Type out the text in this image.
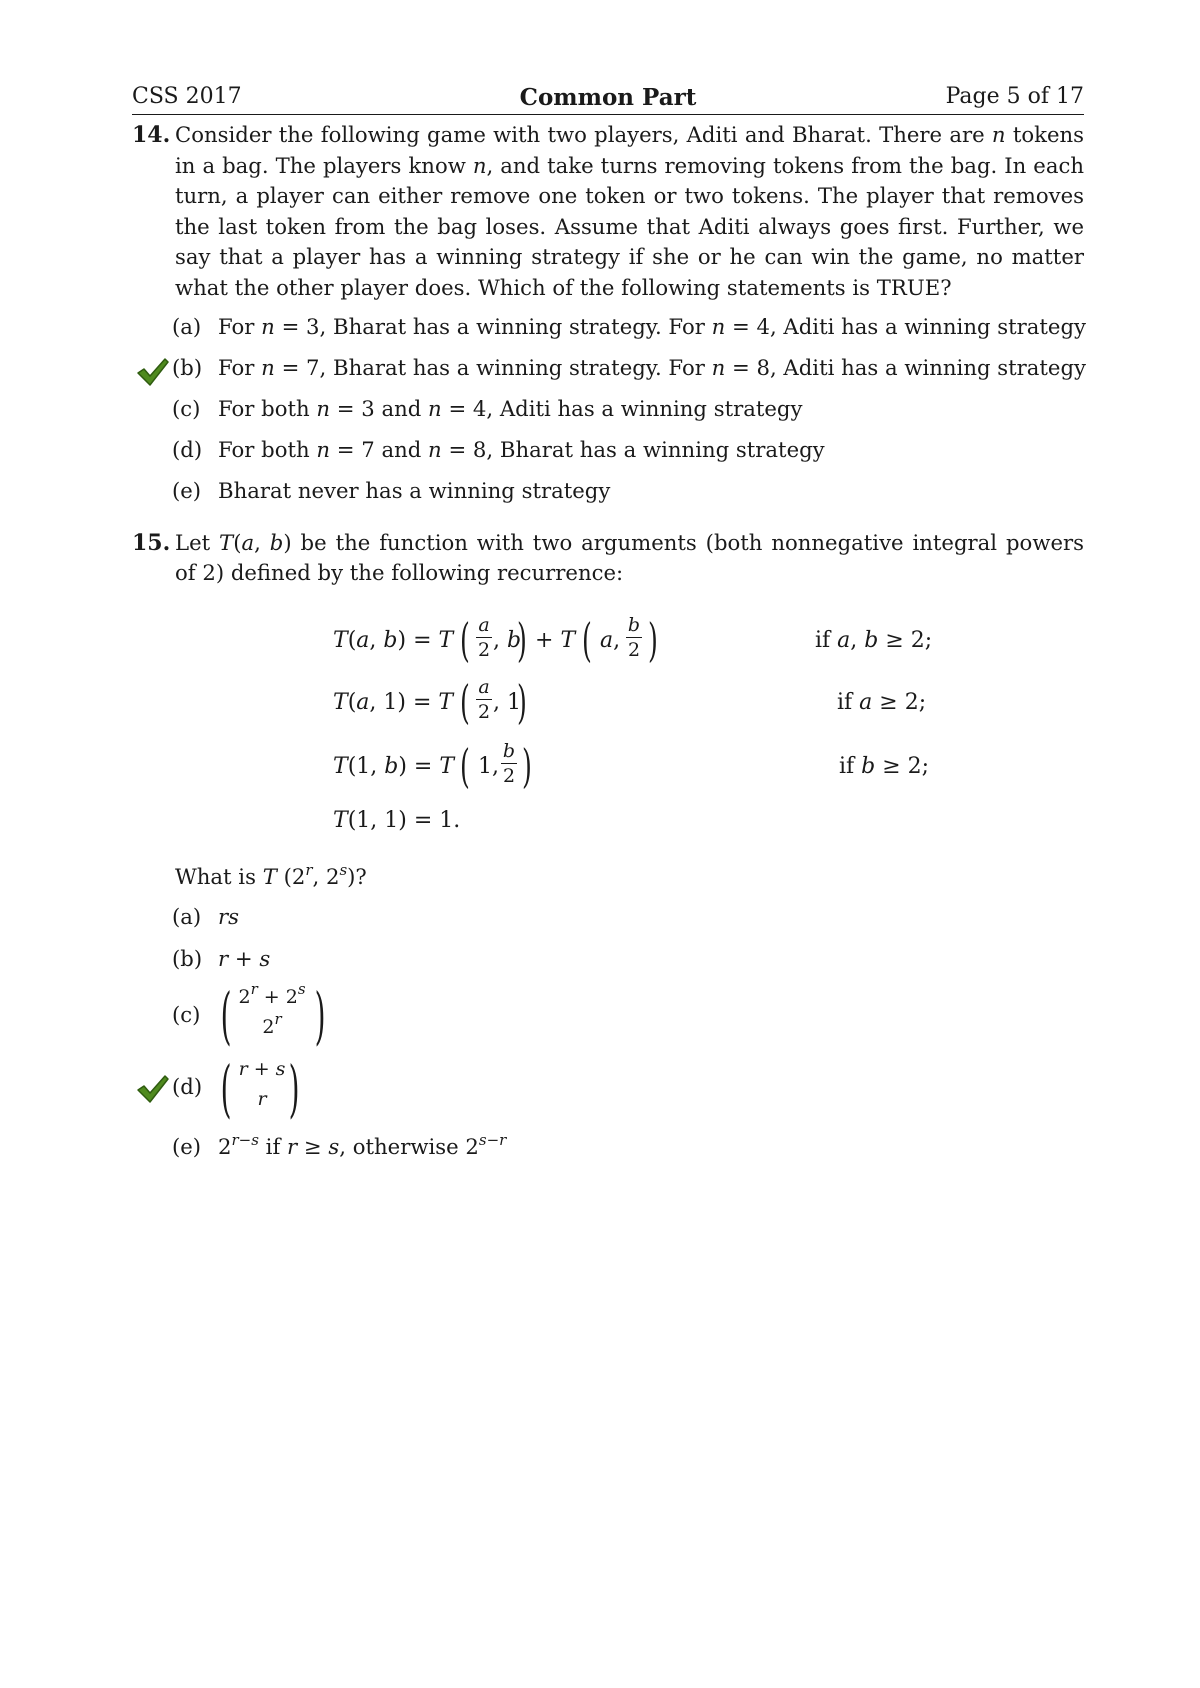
CSS 2017	Common Part	Page 5 of 17
14. Consider the following game with two players, Aditi and Bharat. There are n tokens in a bag. The players know n, and take turns removing tokens from the bag. In each turn, a player can either remove one token or two tokens. The player that removes the last token from the bag loses. Assume that Aditi always goes first. Further, we say that a player has a winning strategy if she or he can win the game, no matter what the other player does. Which of the following statements is TRUE?
(a) For n = 3, Bharat has a winning strategy. For n = 4, Aditi has a winning strategy
(b) For n = 7, Bharat has a winning strategy. For n = 8, Aditi has a winning strategy
(c) For both n = 3 and n = 4, Aditi has a winning strategy
(d) For both n = 7 and n = 8, Bharat has a winning strategy
(e) Bharat never has a winning strategy
15. Let T(a, b) be the function with two arguments (both nonnegative integral powers
of 2) defined by the following recurrence:
T(a, b) = T ( a
2 , b
) + T ( a,
b
2 )	if a, b ≥ 2;
T(a, 1) = T ( a
2 , 1
)	if a ≥ 2;
T(1, b) = T ( 1,
b
2 )	if b ≥ 2;
T(1, 1) = 1.
What is T (2$^r$, 2$^s$)?
(a) rs
(b) r + s
(c) ( $2^r + 2^s$
2$^r$ )
(d) ( r + s
r )
(e) $2^{r-s}$ if r ≥ s, otherwise $2^{s-r}$
